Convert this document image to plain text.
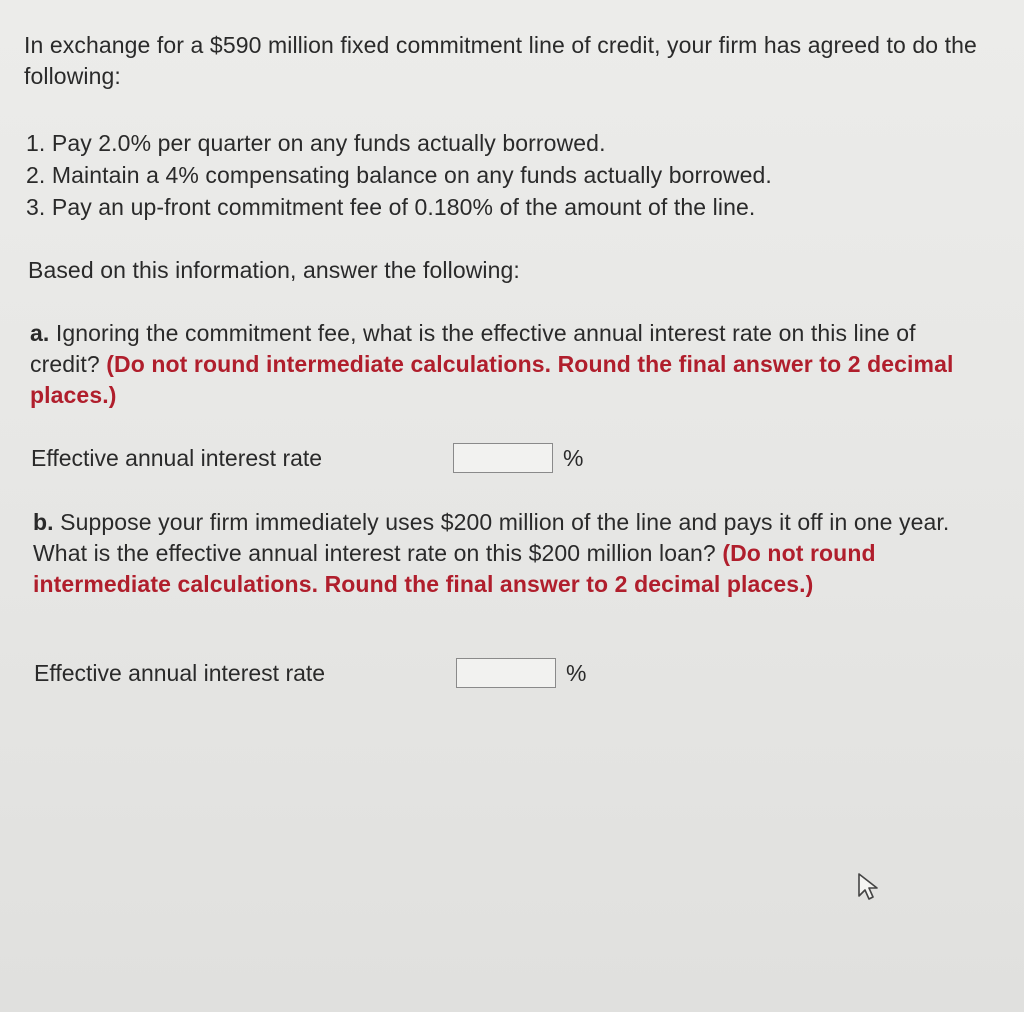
In exchange for a $590 million fixed commitment line of credit, your firm has agreed to do the following:
1. Pay 2.0% per quarter on any funds actually borrowed.
2. Maintain a 4% compensating balance on any funds actually borrowed.
3. Pay an up-front commitment fee of 0.180% of the amount of the line.
Based on this information, answer the following:
a. Ignoring the commitment fee, what is the effective annual interest rate on this line of credit? (Do not round intermediate calculations. Round the final answer to 2 decimal places.)
Effective annual interest rate	%
b. Suppose your firm immediately uses $200 million of the line and pays it off in one year. What is the effective annual interest rate on this $200 million loan? (Do not round intermediate calculations. Round the final answer to 2 decimal places.)
Effective annual interest rate	%
